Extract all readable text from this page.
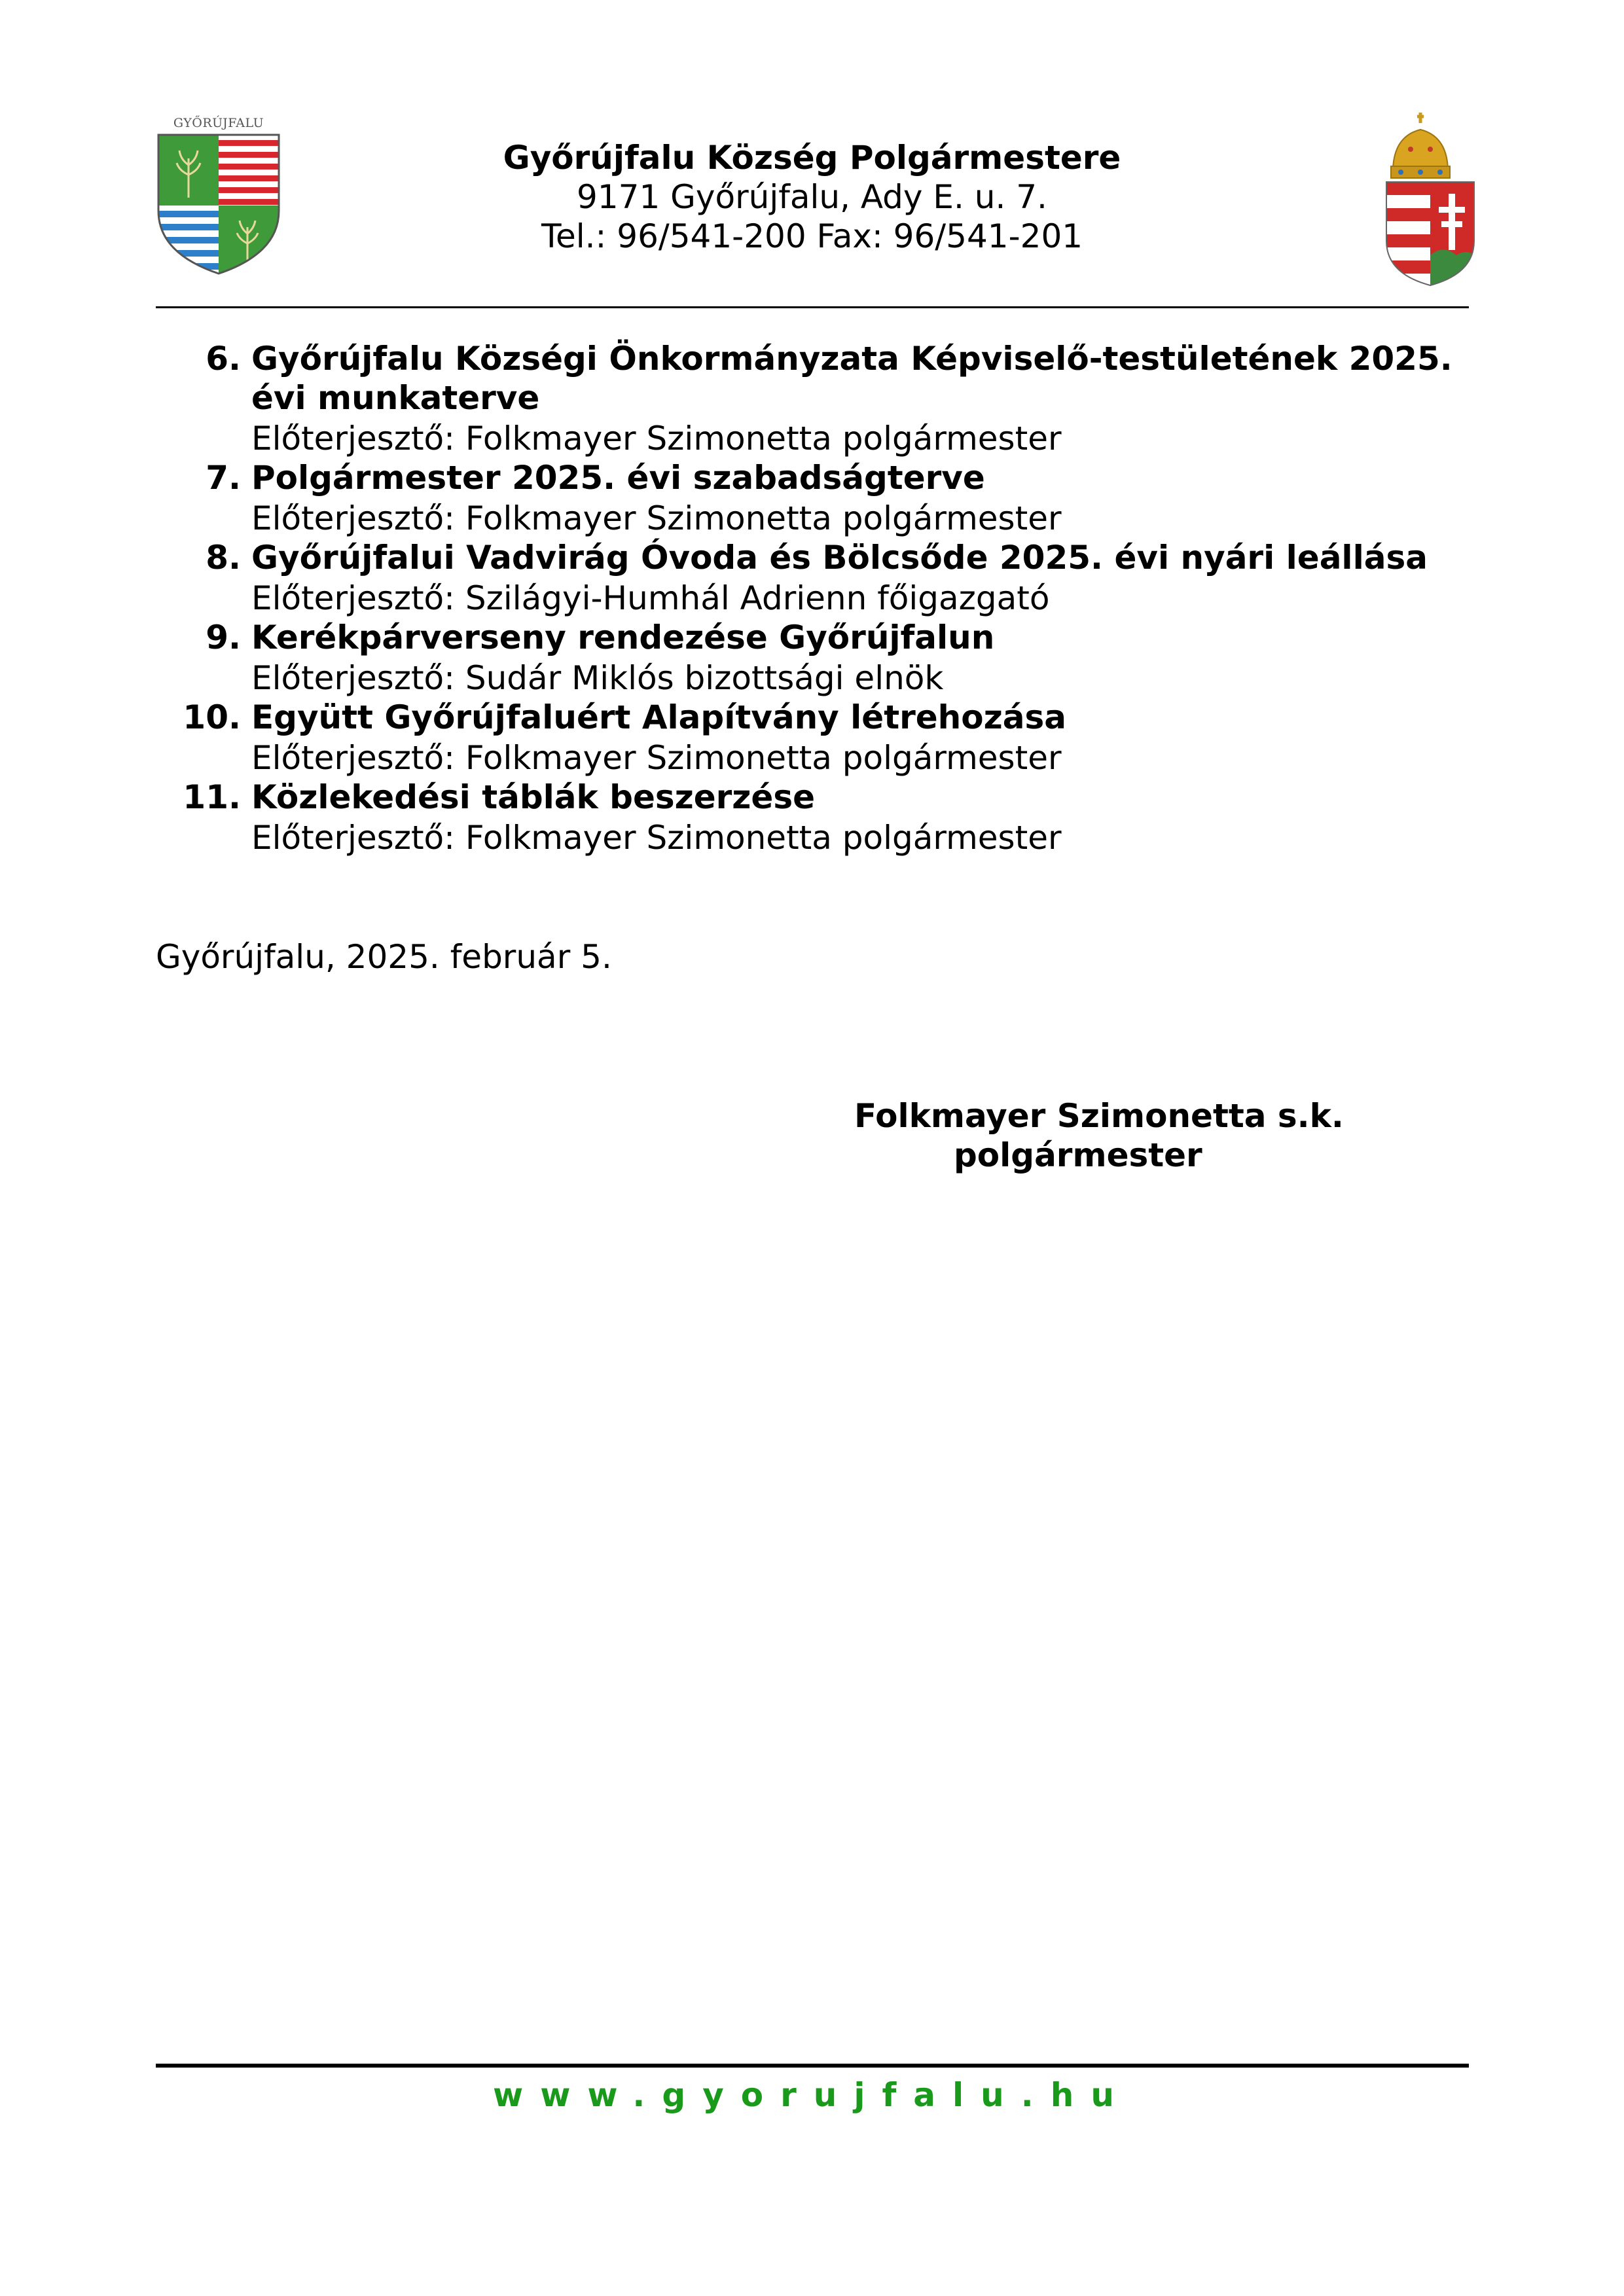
GYŐRÚJFALU
Győrújfalu Község Polgármestere
9171 Győrújfalu, Ady E. u. 7.
Tel.: 96/541-200 Fax: 96/541-201
6. Győrújfalu Községi Önkormányzata Képviselő-testületének 2025.
évi munkaterve
Előterjesztő: Folkmayer Szimonetta polgármester
7. Polgármester 2025. évi szabadságterve
Előterjesztő: Folkmayer Szimonetta polgármester
8. Győrújfalui Vadvirág Óvoda és Bölcsőde 2025. évi nyári leállása
Előterjesztő: Szilágyi-Humhál Adrienn főigazgató
9. Kerékpárverseny rendezése Győrújfalun
Előterjesztő: Sudár Miklós bizottsági elnök
10. Együtt Győrújfaluért Alapítvány létrehozása
Előterjesztő: Folkmayer Szimonetta polgármester
11. Közlekedési táblák beszerzése
Előterjesztő: Folkmayer Szimonetta polgármester
Győrújfalu, 2025. február 5.
Folkmayer Szimonetta s.k.
polgármester
www.gyorujfalu.hu
